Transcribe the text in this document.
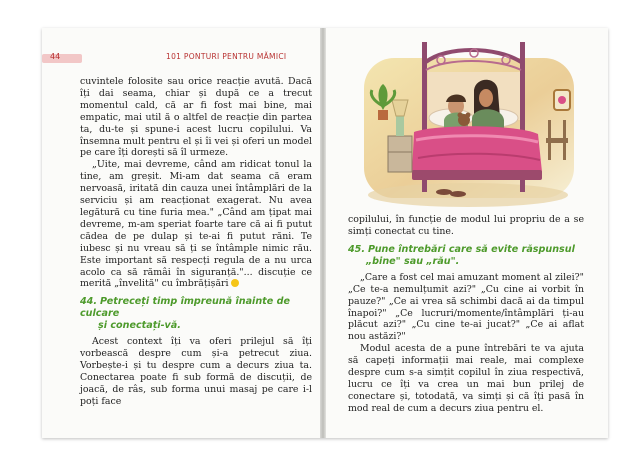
44	101 PONTURI PENTRU MĂMICI

cuvintele folosite sau orice reacție avută. Dacă îți dai seama, chiar și după ce a trecut momentul cald, că ar fi fost mai bine, mai empatic, mai util ă o altfel de reacție din partea ta, du-te și spune-i acest lucru copilului. Va însemna mult pentru el și îi vei și oferi un model pe care îți dorești să îl urmeze.

„Uite, mai devreme, când am ridicat tonul la tine, am greșit. Mi-am dat seama că eram nervoasă, iritată din cauza unei întâmplări de la serviciu și am reacționat exagerat. Nu avea legătură cu tine furia mea." „Când am țipat mai devreme, m-am speriat foarte tare că ai fi putut cădea de pe dulap și te-ai fi putut răni. Te iubesc și nu vreau să ți se întâmple nimic rău. Este important să respecți regula de a nu urca acolo ca să rămâi în siguranță."... discuție ce merită „învelită" cu îmbrățișări

44. Petreceți timp împreună înainte de culcare
și conectați-vă.

Acest context îți va oferi prilejul să îți vorbească despre cum și-a petrecut ziua. Vorbește-i și tu despre cum a decurs ziua ta. Conectarea poate fi sub formă de discuții, de joacă, de râs, sub forma unui masaj pe care i-l poți face

copilului, în funcție de modul lui propriu de a se simți conectat cu tine.

45. Pune întrebări care să evite răspunsul
„bine" sau „rău".

„Care a fost cel mai amuzant moment al zilei?" „Ce te-a nemulțumit azi?" „Cu cine ai vorbit în pauze?" „Ce ai vrea să schimbi dacă ai da timpul înapoi?" „Ce lucruri/momente/întâmplări ți-au plăcut azi?" „Cu cine te-ai jucat?" „Ce ai aflat nou astăzi?"

Modul acesta de a pune întrebări te va ajuta să capeți informații mai reale, mai complexe despre cum s-a simțit copilul în ziua respectivă, lucru ce îți va crea un mai bun prilej de conectare și, totodată, va simți și că îți pasă în mod real de cum a decurs ziua pentru el.
